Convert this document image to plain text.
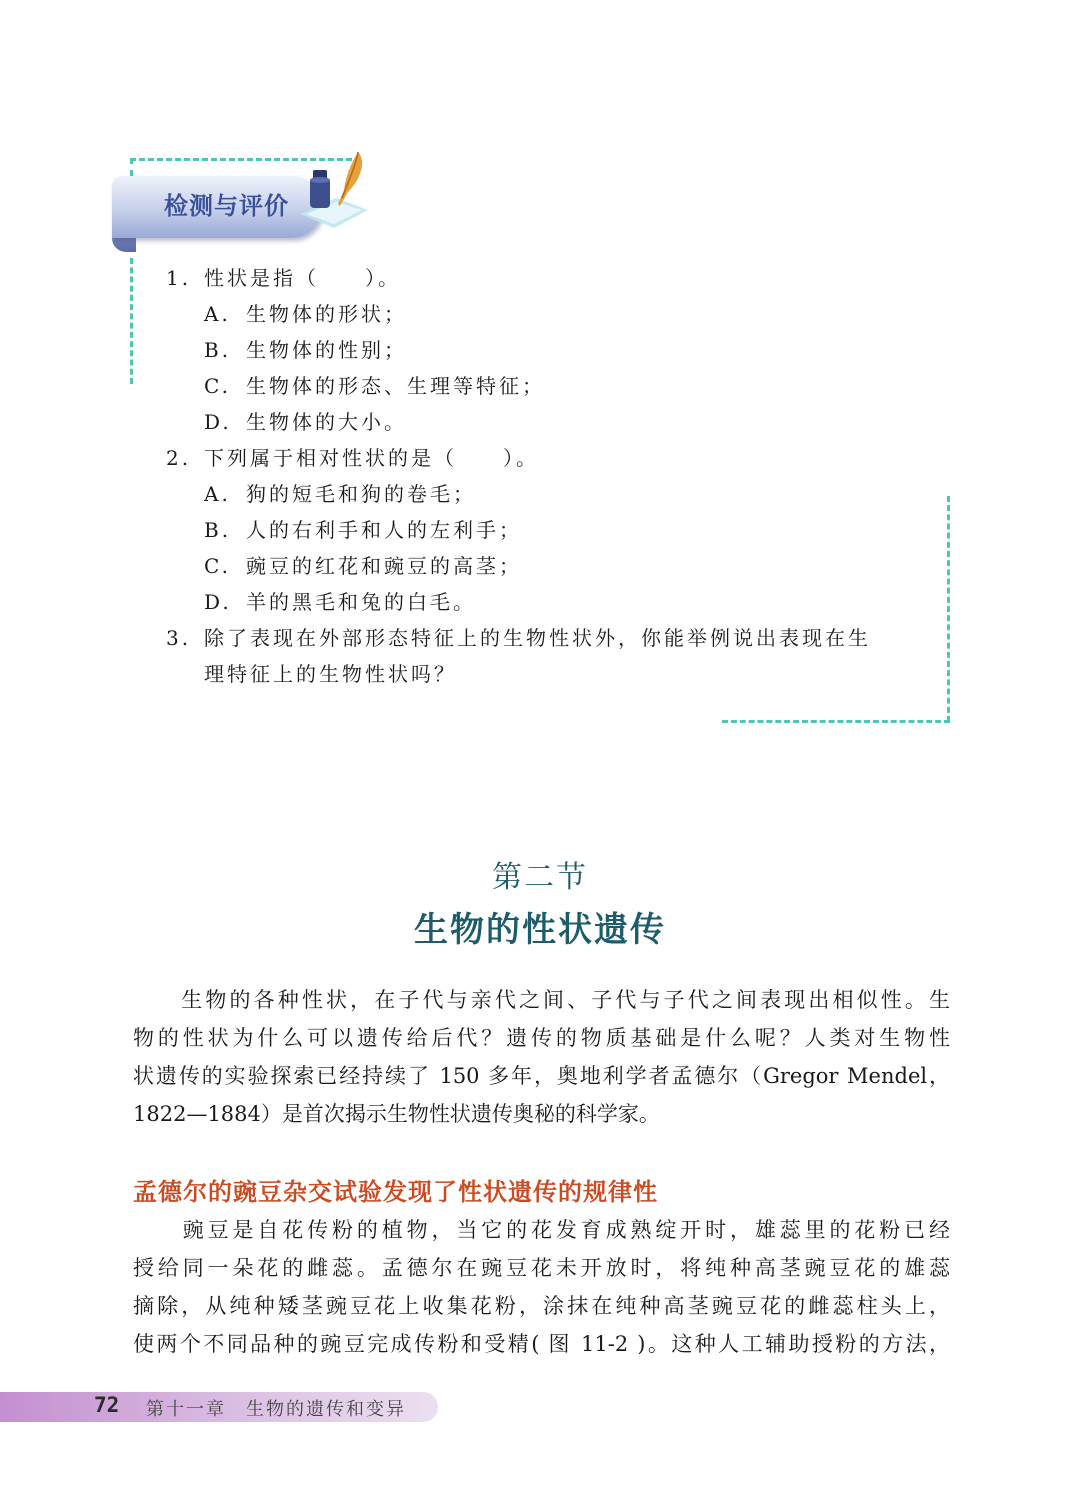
检测与评价
1. 性状是指（　　）。
A. 生物体的形状；
B. 生物体的性别；
C. 生物体的形态、生理等特征；
D. 生物体的大小。
2. 下列属于相对性状的是（　　）。
A. 狗的短毛和狗的卷毛；
B. 人的右利手和人的左利手；
C. 豌豆的红花和豌豆的高茎；
D. 羊的黑毛和兔的白毛。
3. 除了表现在外部形态特征上的生物性状外，你能举例说出表现在生
理特征上的生物性状吗？
第二节
生物的性状遗传
　　生物的各种性状，在子代与亲代之间、子代与子代之间表现出相似性。生
物的性状为什么可以遗传给后代？遗传的物质基础是什么呢？人类对生物性
状遗传的实验探索已经持续了 150 多年，奥地利学者孟德尔（Gregor Mendel，
1822—1884）是首次揭示生物性状遗传奥秘的科学家。
孟德尔的豌豆杂交试验发现了性状遗传的规律性
　　豌豆是自花传粉的植物，当它的花发育成熟绽开时，雄蕊里的花粉已经
授给同一朵花的雌蕊。孟德尔在豌豆花未开放时，将纯种高茎豌豆花的雄蕊
摘除，从纯种矮茎豌豆花上收集花粉，涂抹在纯种高茎豌豆花的雌蕊柱头上，
使两个不同品种的豌豆完成传粉和受精( 图 11-2 )。这种人工辅助授粉的方法，
72 第十一章　生物的遗传和变异
